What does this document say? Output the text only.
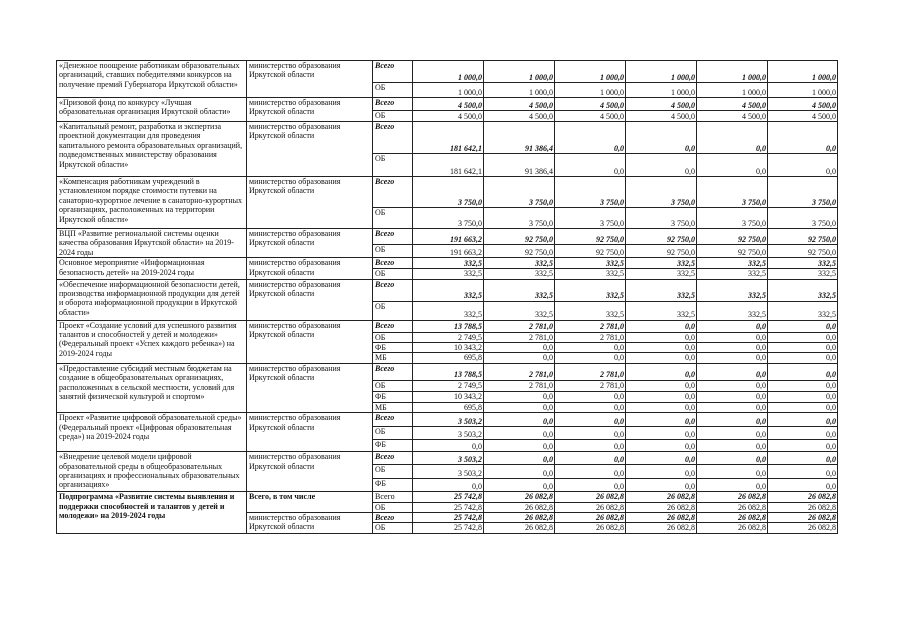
«Денежное поощрение работникам образовательных организаций, ставших победителями конкурсов на получение премий Губернатора Иркутской области»	министерство образования Иркутской области	Всего	1 000,0	1 000,0	1 000,0	1 000,0	1 000,0	1 000,0
		ОБ	1 000,0	1 000,0	1 000,0	1 000,0	1 000,0	1 000,0
«Призовой фонд по конкурсу «Лучшая образовательная организация Иркутской области»	министерство образования Иркутской области	Всего	4 500,0	4 500,0	4 500,0	4 500,0	4 500,0	4 500,0
		ОБ	4 500,0	4 500,0	4 500,0	4 500,0	4 500,0	4 500,0
«Капитальный ремонт, разработка и экспертиза проектной документации для проведения капитального ремонта образовательных организаций, подведомственных министерству образования Иркутской области»	министерство образования Иркутской области	Всего	181 642,1	91 386,4	0,0	0,0	0,0	0,0
		ОБ	181 642,1	91 386,4	0,0	0,0	0,0	0,0
«Компенсация работникам учреждений в установленном порядке стоимости путевки на санаторно-курортное лечение в санаторно-курортных организациях, расположенных на территории Иркутской области»	министерство образования Иркутской области	Всего	3 750,0	3 750,0	3 750,0	3 750,0	3 750,0	3 750,0
		ОБ	3 750,0	3 750,0	3 750,0	3 750,0	3 750,0	3 750,0
ВЦП «Развитие региональной системы оценки качества образования Иркутской области» на 2019-2024 годы	министерство образования Иркутской области	Всего	191 663,2	92 750,0	92 750,0	92 750,0	92 750,0	92 750,0
		ОБ	191 663,2	92 750,0	92 750,0	92 750,0	92 750,0	92 750,0
Основное мероприятие «Информационная безопасность детей» на 2019-2024 годы	министерство образования Иркутской области	Всего	332,5	332,5	332,5	332,5	332,5	332,5
		ОБ	332,5	332,5	332,5	332,5	332,5	332,5
«Обеспечение информационной безопасности детей, производства информационной продукции для детей и оборота информационной продукции в Иркутской области»	министерство образования Иркутской области	Всего	332,5	332,5	332,5	332,5	332,5	332,5
		ОБ	332,5	332,5	332,5	332,5	332,5	332,5
Проект «Создание условий для успешного развития талантов и способностей у детей и молодежи» (Федеральный проект «Успех каждого ребенка») на 2019-2024 годы	министерство образования Иркутской области	Всего	13 788,5	2 781,0	2 781,0	0,0	0,0	0,0
		ОБ	2 749,5	2 781,0	2 781,0	0,0	0,0	0,0
		ФБ	10 343,2	0,0	0,0	0,0	0,0	0,0
		МБ	695,8	0,0	0,0	0,0	0,0	0,0
«Предоставление субсидий местным бюджетам на создание в общеобразовательных организациях, расположенных в сельской местности, условий для занятий физической культурой и спортом»	министерство образования Иркутской области	Всего	13 788,5	2 781,0	2 781,0	0,0	0,0	0,0
		ОБ	2 749,5	2 781,0	2 781,0	0,0	0,0	0,0
		ФБ	10 343,2	0,0	0,0	0,0	0,0	0,0
		МБ	695,8	0,0	0,0	0,0	0,0	0,0
Проект «Развитие цифровой образовательной среды» (Федеральный проект «Цифровая образовательная среда») на 2019-2024 годы	министерство образования Иркутской области	Всего	3 503,2	0,0	0,0	0,0	0,0	0,0
		ОБ	3 503,2	0,0	0,0	0,0	0,0	0,0
		ФБ	0,0	0,0	0,0	0,0	0,0	0,0
«Внедрение целевой модели цифровой образовательной среды в общеобразовательных организациях и профессиональных образовательных организациях»	министерство образования Иркутской области	Всего	3 503,2	0,0	0,0	0,0	0,0	0,0
		ОБ	3 503,2	0,0	0,0	0,0	0,0	0,0
		ФБ	0,0	0,0	0,0	0,0	0,0	0,0
Подпрограмма «Развитие системы выявления и поддержки способностей и талантов у детей и молодежи» на 2019-2024 годы	Всего, в том числе	Всего	25 742,8	26 082,8	26 082,8	26 082,8	26 082,8	26 082,8
		ОБ	25 742,8	26 082,8	26 082,8	26 082,8	26 082,8	26 082,8
	министерство образования Иркутской области	Всего	25 742,8	26 082,8	26 082,8	26 082,8	26 082,8	26 082,8
		ОБ	25 742,8	26 082,8	26 082,8	26 082,8	26 082,8	26 082,8
